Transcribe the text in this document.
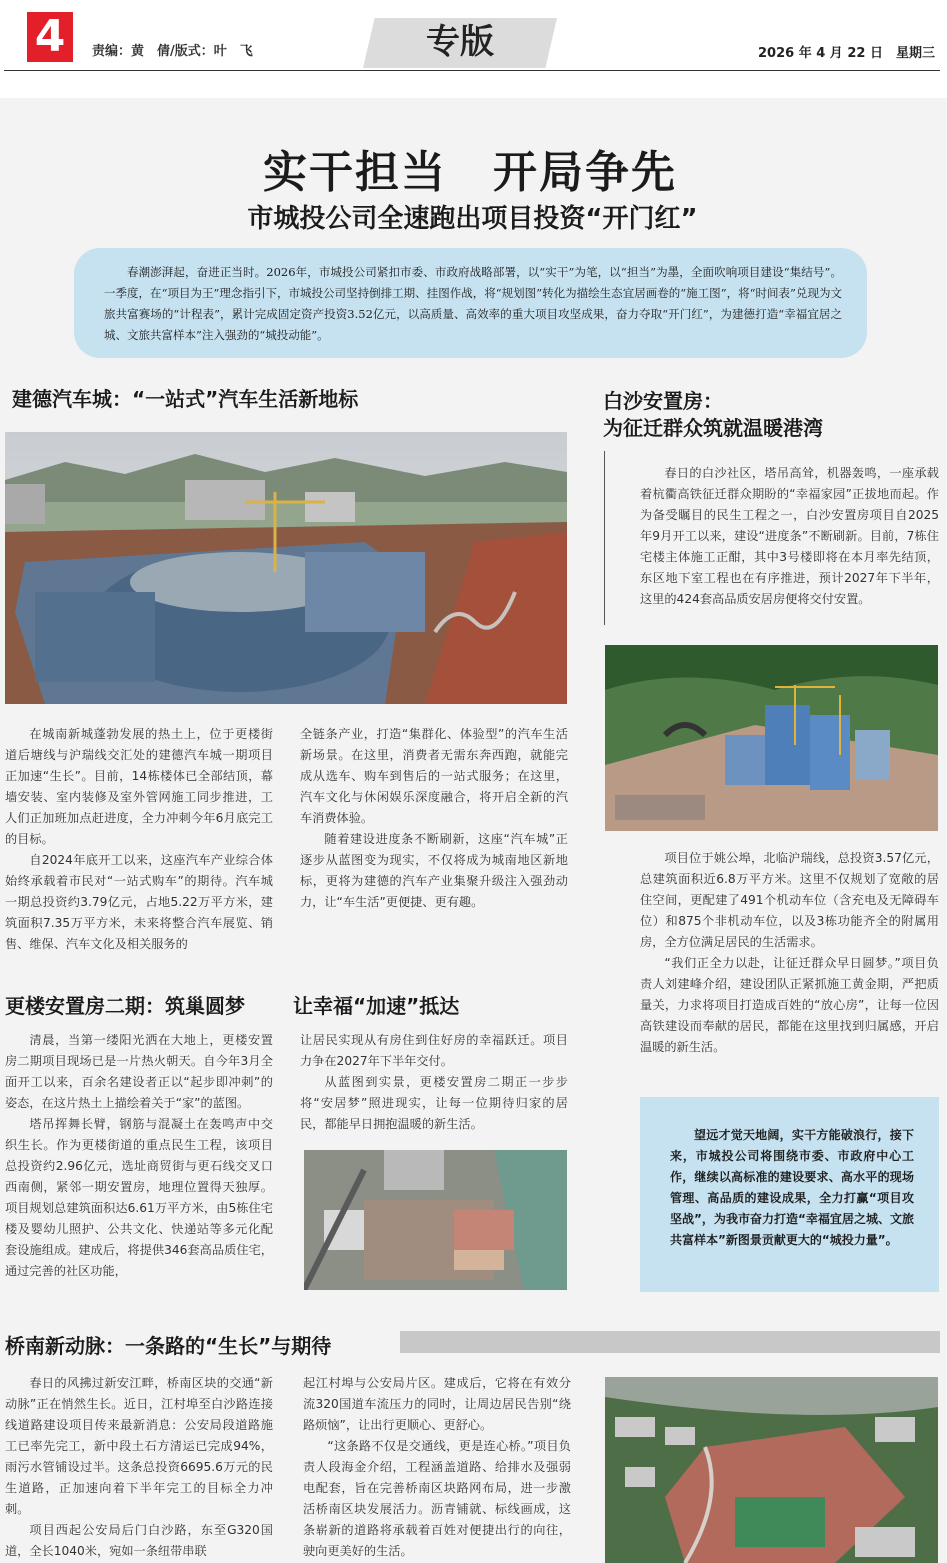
4	责编：黄　倩/版式：叶　飞	专版	2026 年 4 月 22 日　星期三
实干担当　开局争先
市城投公司全速跑出项目投资“开门红”

春潮澎湃起，奋进正当时。2026年，市城投公司紧扣市委、市政府战略部署，以“实干”为笔，以“担当”为墨，全面吹响项目建设“集结号”。一季度，在“项目为王”理念指引下，市城投公司坚持倒排工期、挂图作战，将“规划图”转化为描绘生态宜居画卷的“施工图”，将“时间表”兑现为文旅共富赛场的“计程表”，累计完成固定资产投资3.52亿元，以高质量、高效率的重大项目攻坚成果，奋力夺取“开门红”，为建德打造“幸福宜居之城、文旅共富样本”注入强劲的“城投动能”。

建德汽车城：“一站式”汽车生活新地标

在城南新城蓬勃发展的热土上，位于更楼街道后塘线与沪瑞线交汇处的建德汽车城一期项目正加速“生长”。目前，14栋楼体已全部结顶，幕墙安装、室内装修及室外管网施工同步推进，工人们正加班加点赶进度，全力冲刺今年6月底完工的目标。

自2024年底开工以来，这座汽车产业综合体始终承载着市民对“一站式购车”的期待。汽车城一期总投资约3.79亿元，占地5.22万平方米，建筑面积7.35万平方米，未来将整合汽车展览、销售、维保、汽车文化及相关服务的

全链条产业，打造“集群化、体验型”的汽车生活新场景。在这里，消费者无需东奔西跑，就能完成从选车、购车到售后的一站式服务；在这里，汽车文化与休闲娱乐深度融合，将开启全新的汽车消费体验。

随着建设进度条不断刷新，这座“汽车城”正逐步从蓝图变为现实，不仅将成为城南地区新地标，更将为建德的汽车产业集聚升级注入强劲动力，让“车生活”更便捷、更有趣。

白沙安置房：
为征迁群众筑就温暖港湾

春日的白沙社区，塔吊高耸，机器轰鸣，一座承载着杭衢高铁征迁群众期盼的“幸福家园”正拔地而起。作为备受瞩目的民生工程之一，白沙安置房项目自2025年9月开工以来，建设“进度条”不断刷新。目前，7栋住宅楼主体施工正酣，其中3号楼即将在本月率先结顶，东区地下室工程也在有序推进，预计2027年下半年，这里的424套高品质安居房便将交付安置。

项目位于姚公埠，北临沪瑞线，总投资3.57亿元，总建筑面积近6.8万平方米。这里不仅规划了宽敞的居住空间，更配建了491个机动车位（含充电及无障碍车位）和875个非机动车位，以及3栋功能齐全的附属用房，全方位满足居民的生活需求。

“我们正全力以赴，让征迁群众早日圆梦。”项目负责人刘建峰介绍，建设团队正紧抓施工黄金期，严把质量关，力求将项目打造成百姓的“放心房”，让每一位因高铁建设而奉献的居民，都能在这里找到归属感，开启温暖的新生活。

更楼安置房二期：筑巢圆梦 让幸福“加速”抵达

清晨，当第一缕阳光洒在大地上，更楼安置房二期项目现场已是一片热火朝天。自今年3月全面开工以来，百余名建设者正以“起步即冲刺”的姿态，在这片热土上描绘着关于“家”的蓝图。

塔吊挥舞长臂，钢筋与混凝土在轰鸣声中交织生长。作为更楼街道的重点民生工程，该项目总投资约2.96亿元，选址商贸街与更石线交叉口西南侧，紧邻一期安置房，地理位置得天独厚。项目规划总建筑面积达6.61万平方米，由5栋住宅楼及婴幼儿照护、公共文化、快递站等多元化配套设施组成。建成后，将提供346套高品质住宅，通过完善的社区功能，

让居民实现从有房住到住好房的幸福跃迁。项目力争在2027年下半年交付。

从蓝图到实景，更楼安置房二期正一步步将“安居梦”照进现实，让每一位期待归家的居民，都能早日拥抱温暖的新生活。

望远才觉天地阔，实干方能破浪行，接下来，市城投公司将围绕市委、市政府中心工作，继续以高标准的建设要求、高水平的现场管理、高品质的建设成果，全力打赢“项目攻坚战”，为我市奋力打造“幸福宜居之城、文旅共富样本”新图景贡献更大的“城投力量”。

桥南新动脉：一条路的“生长”与期待

春日的风拂过新安江畔，桥南区块的交通“新动脉”正在悄然生长。近日，江村埠至白沙路连接线道路建设项目传来最新消息：公安局段道路施工已率先完工，新中段土石方清运已完成94%，雨污水管铺设过半。这条总投资6695.6万元的民生道路，正加速向着下半年完工的目标全力冲刺。

项目西起公安局后门白沙路，东至G320国道，全长1040米，宛如一条纽带串联

起江村埠与公安局片区。建成后，它将在有效分流320国道车流压力的同时，让周边居民告别“绕路烦恼”，让出行更顺心、更舒心。

“这条路不仅是交通线，更是连心桥。”项目负责人段海金介绍，工程涵盖道路、给排水及强弱电配套，旨在完善桥南区块路网布局，进一步激活桥南区块发展活力。沥青铺就、标线画成，这条崭新的道路将承载着百姓对便捷出行的向往，驶向更美好的生活。
